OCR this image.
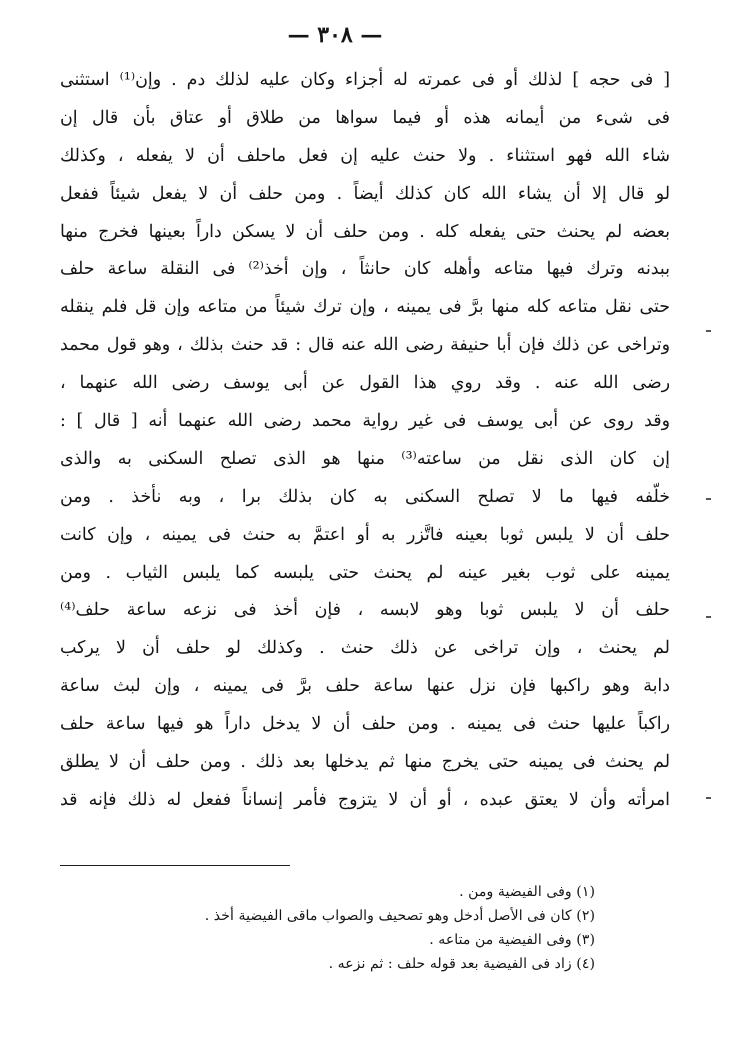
— ٣٠٨ —
[ فى حجه ] لذلك أو فى عمرته له أجزاء وكان عليه لذلك دم . وإن⁽¹⁾ استثنى
فى شىء من أيمانه هذه أو فيما سواها من طلاق أو عتاق بأن قال إن
شاء الله فهو استثناء . ولا حنث عليه إن فعل ماحلف أن لا يفعله ، وكذلك
لو قال إلا أن يشاء الله كان كذلك أيضاً . ومن حلف أن لا يفعل شيئاً ففعل
بعضه لم يحنث حتى يفعله كله . ومن حلف أن لا يسكن داراً بعينها فخرج منها
ببدنه وترك فيها متاعه وأهله كان حانثاً ، وإن أخذ⁽²⁾ فى النقلة ساعة حلف
حتى نقل متاعه كله منها برَّ فى يمينه ، وإن ترك شيئاً من متاعه وإن قل فلم ينقله
وتراخى عن ذلك فإن أبا حنيفة رضى الله عنه قال : قد حنث بذلك ، وهو قول محمد
رضى الله عنه . وقد روي هذا القول عن أبى يوسف رضى الله عنهما ،
وقد روى عن أبى يوسف فى غير رواية محمد رضى الله عنهما أنه [ قال ] :
إن كان الذى نقل من ساعته⁽³⁾ منها هو الذى تصلح السكنى به والذى
خلّفه فيها ما لا تصلح السكنى به كان بذلك برا ، وبه نأخذ . ومن
حلف أن لا يلبس ثوبا بعينه فاتَّزر به أو اعتمَّ به حنث فى يمينه ، وإن كانت
يمينه على ثوب بغير عينه لم يحنث حتى يلبسه كما يلبس الثياب . ومن
حلف أن لا يلبس ثوبا وهو لابسه ، فإن أخذ فى نزعه ساعة حلف⁽⁴⁾
لم يحنث ، وإن تراخى عن ذلك حنث . وكذلك لو حلف أن لا يركب
دابة وهو راكبها فإن نزل عنها ساعة حلف برَّ فى يمينه ، وإن لبث ساعة
راكباً عليها حنث فى يمينه . ومن حلف أن لا يدخل داراً هو فيها ساعة حلف
لم يحنث فى يمينه حتى يخرج منها ثم يدخلها بعد ذلك . ومن حلف أن لا يطلق
امرأته وأن لا يعتق عبده ، أو أن لا يتزوج فأمر إنساناً ففعل له ذلك فإنه قد
(١) وفى الفيضية ومن .
(٢) كان فى الأصل أدخل وهو تصحيف والصواب ماقى الفيضية أخذ .
(٣) وفى الفيضية من متاعه .
(٤) زاد فى الفيضية بعد قوله حلف : ثم نزعه .
